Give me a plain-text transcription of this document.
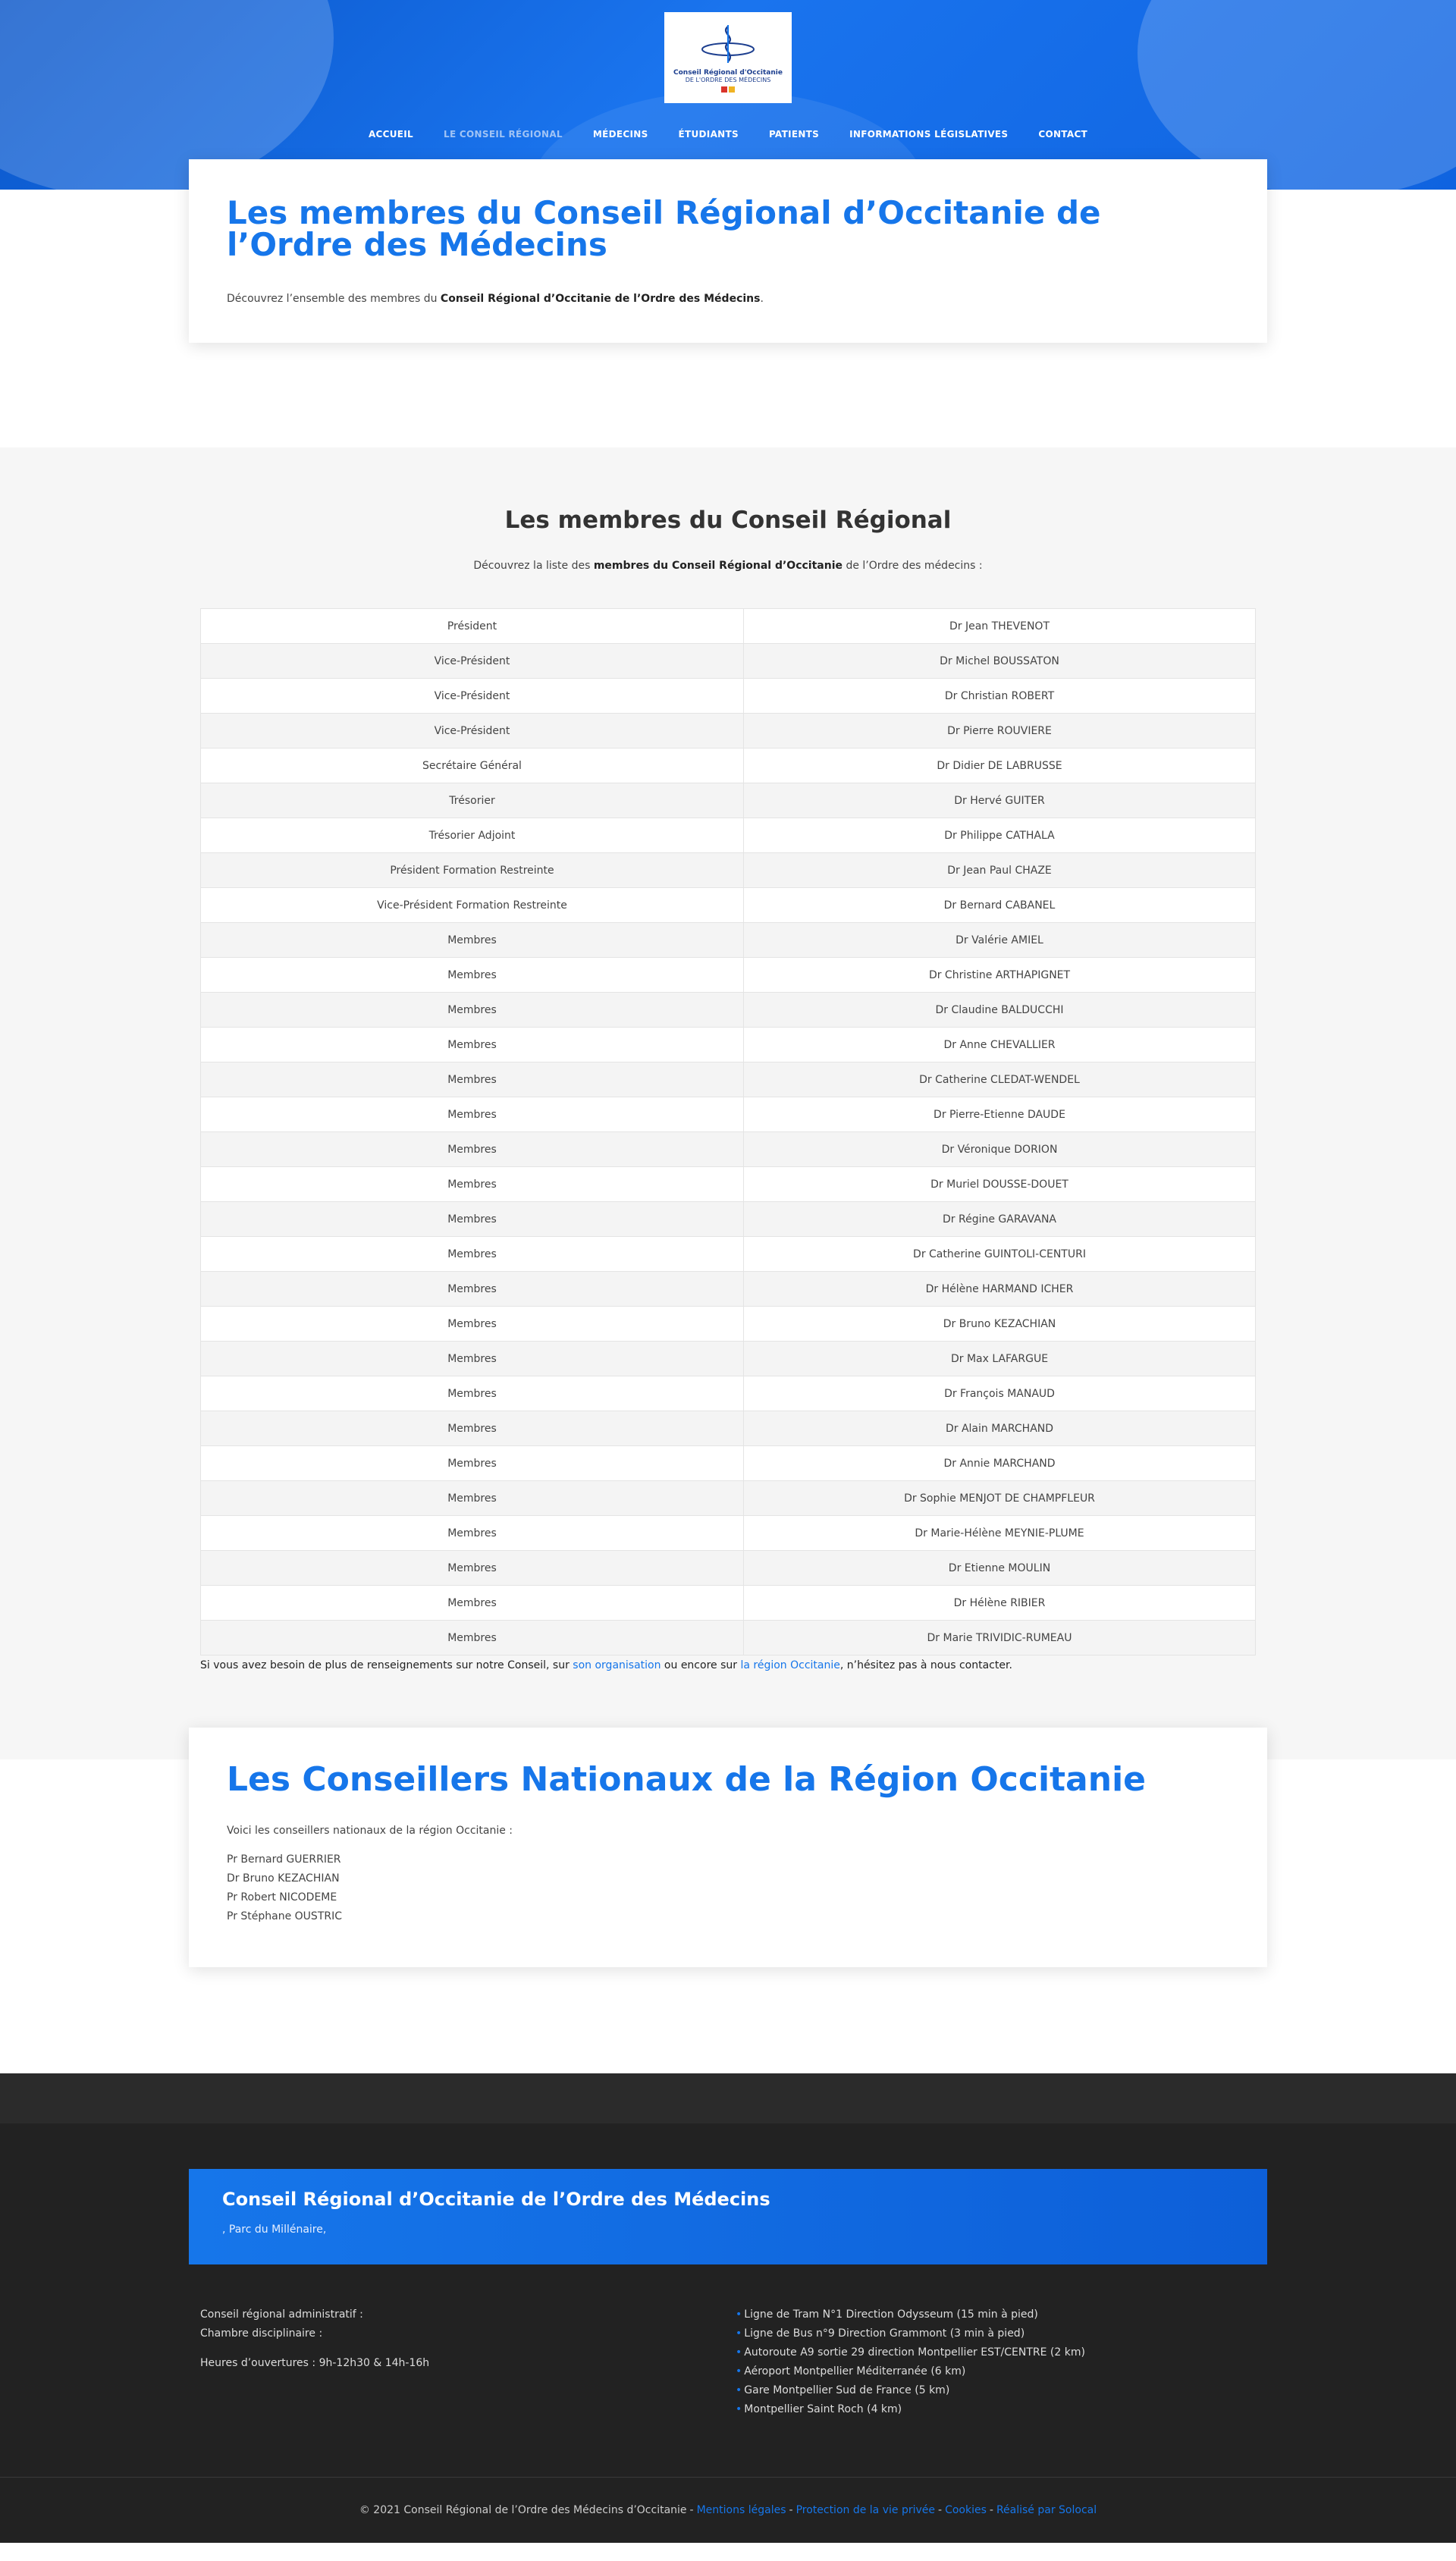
Conseil Régional d'Occitanie
DE L'ORDRE DES MÉDECINS
ACCUEIL	LE CONSEIL RÉGIONAL	MÉDECINS	ÉTUDIANTS	PATIENTS	INFORMATIONS LÉGISLATIVES	CONTACT
Les membres du Conseil Régional d’Occitanie de l’Ordre des Médecins

Découvrez l’ensemble des membres du Conseil Régional d’Occitanie de l’Ordre des Médecins.

Les membres du Conseil Régional

Découvrez la liste des membres du Conseil Régional d’Occitanie de l’Ordre des médecins :

Président	Dr Jean THEVENOT
Vice-Président	Dr Michel BOUSSATON
Vice-Président	Dr Christian ROBERT
Vice-Président	Dr Pierre ROUVIERE
Secrétaire Général	Dr Didier DE LABRUSSE
Trésorier	Dr Hervé GUITER
Trésorier Adjoint	Dr Philippe CATHALA
Président Formation Restreinte	Dr Jean Paul CHAZE
Vice-Président Formation Restreinte	Dr Bernard CABANEL
Membres	Dr Valérie AMIEL
Membres	Dr Christine ARTHAPIGNET
Membres	Dr Claudine BALDUCCHI
Membres	Dr Anne CHEVALLIER
Membres	Dr Catherine CLEDAT-WENDEL
Membres	Dr Pierre-Etienne DAUDE
Membres	Dr Véronique DORION
Membres	Dr Muriel DOUSSE-DOUET
Membres	Dr Régine GARAVANA
Membres	Dr Catherine GUINTOLI-CENTURI
Membres	Dr Hélène HARMAND ICHER
Membres	Dr Bruno KEZACHIAN
Membres	Dr Max LAFARGUE
Membres	Dr François MANAUD
Membres	Dr Alain MARCHAND
Membres	Dr Annie MARCHAND
Membres	Dr Sophie MENJOT DE CHAMPFLEUR
Membres	Dr Marie-Hélène MEYNIE-PLUME
Membres	Dr Etienne MOULIN
Membres	Dr Hélène RIBIER
Membres	Dr Marie TRIVIDIC-RUMEAU

Si vous avez besoin de plus de renseignements sur notre Conseil, sur son organisation ou encore sur la région Occitanie, n’hésitez pas à nous contacter.

Les Conseillers Nationaux de la Région Occitanie

Voici les conseillers nationaux de la région Occitanie :

Pr Bernard GUERRIER
Dr Bruno KEZACHIAN
Pr Robert NICODEME
Pr Stéphane OUSTRIC
Conseil Régional d’Occitanie de l’Ordre des Médecins
, Parc du Millénaire,
Conseil régional administratif :
Chambre disciplinaire :
Heures d’ouvertures : 9h-12h30 & 14h-16h
• Ligne de Tram N°1 Direction Odysseum (15 min à pied)
• Ligne de Bus n°9 Direction Grammont (3 min à pied)
• Autoroute A9 sortie 29 direction Montpellier EST/CENTRE (2 km)
• Aéroport Montpellier Méditerranée (6 km)
• Gare Montpellier Sud de France (5 km)
• Montpellier Saint Roch (4 km)
© 2021 Conseil Régional de l’Ordre des Médecins d’Occitanie - Mentions légales - Protection de la vie privée - Cookies - Réalisé par Solocal
